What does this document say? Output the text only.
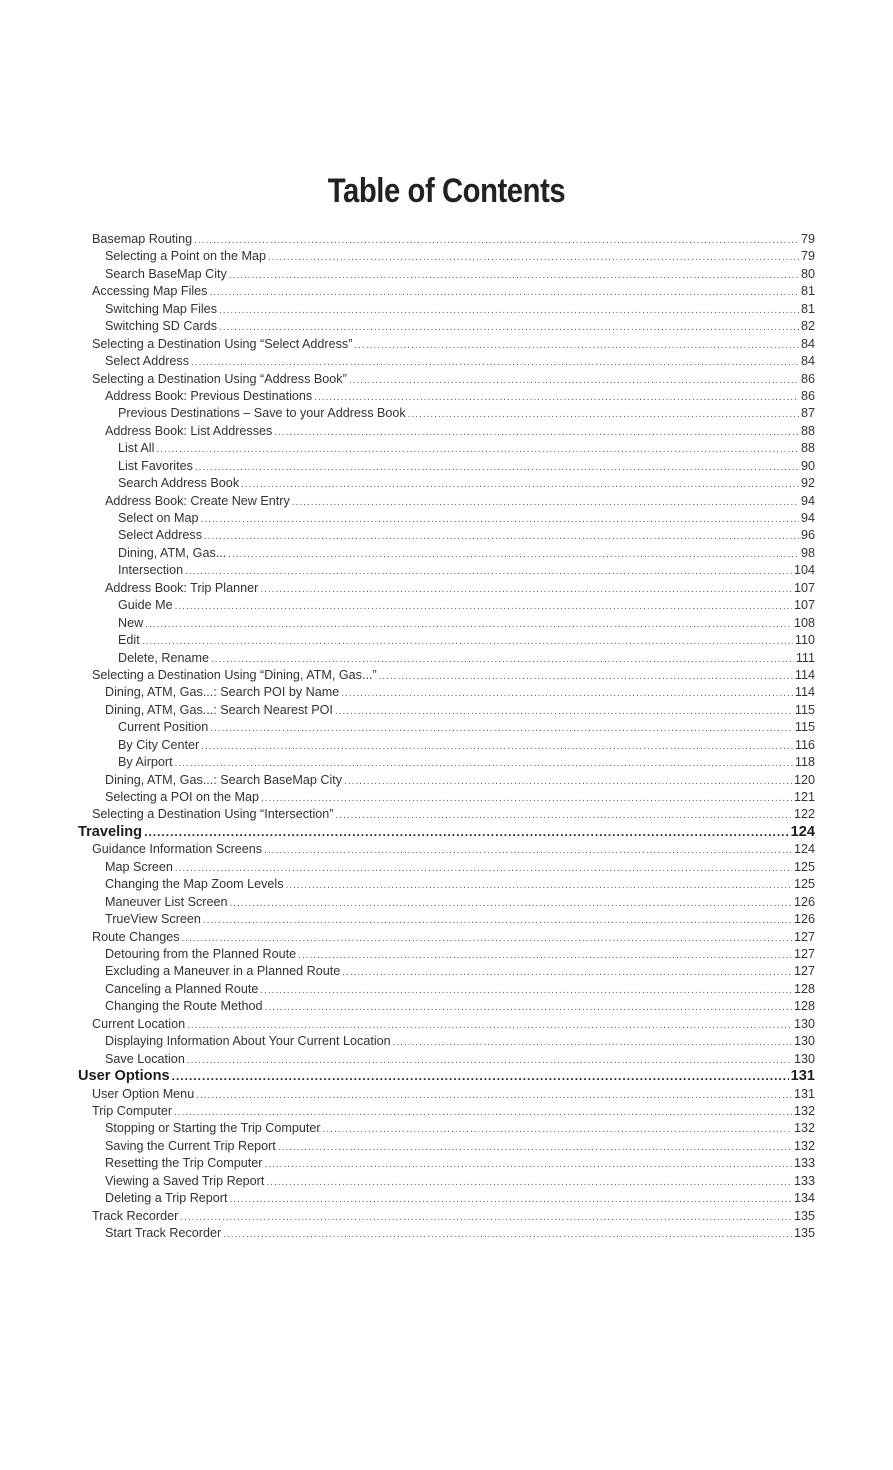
Table of Contents
Basemap Routing .....	79
Selecting a Point on the Map .....	79
Search BaseMap City .....	80
Accessing Map Files .....	81
Switching Map Files .....	81
Switching SD Cards .....	82
Selecting a Destination Using “Select Address” .....	84
Select Address .....	84
Selecting a Destination Using “Address Book” .....	86
Address Book: Previous Destinations .....	86
Previous Destinations – Save to your Address Book .....	87
Address Book: List Addresses .....	88
List All .....	88
List Favorites .....	90
Search Address Book .....	92
Address Book: Create New Entry .....	94
Select on Map .....	94
Select Address .....	96
Dining, ATM, Gas... .....	98
Intersection .....	104
Address Book: Trip Planner .....	107
Guide Me .....	107
New .....	108
Edit .....	110
Delete, Rename .....	111
Selecting a Destination Using “Dining, ATM, Gas...” .....	114
Dining, ATM, Gas...: Search POI by Name .....	114
Dining, ATM, Gas...: Search Nearest POI .....	115
Current Position .....	115
By City Center .....	116
By Airport .....	118
Dining, ATM, Gas...: Search BaseMap City .....	120
Selecting a POI on the Map .....	121
Selecting a Destination Using “Intersection” .....	122
Traveling .....	124
Guidance Information Screens .....	124
Map Screen .....	125
Changing the Map Zoom Levels .....	125
Maneuver List Screen .....	126
TrueView Screen .....	126
Route Changes .....	127
Detouring from the Planned Route .....	127
Excluding a Maneuver in a Planned Route .....	127
Canceling a Planned Route .....	128
Changing the Route Method .....	128
Current Location .....	130
Displaying Information About Your Current Location .....	130
Save Location .....	130
User Options .....	131
User Option Menu .....	131
Trip Computer .....	132
Stopping or Starting the Trip Computer .....	132
Saving the Current Trip Report .....	132
Resetting the Trip Computer .....	133
Viewing a Saved Trip Report .....	133
Deleting a Trip Report .....	134
Track Recorder .....	135
Start Track Recorder .....	135
